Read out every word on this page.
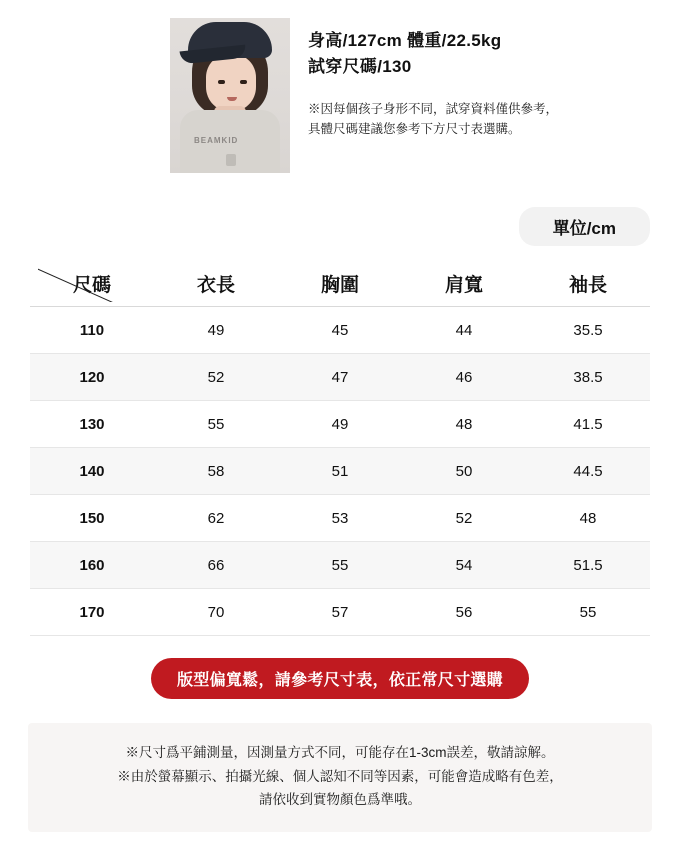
BEAMKID
身高/127cm 體重/22.5kg
試穿尺碼/130
※因每個孩子身形不同，試穿資料僅供參考，
具體尺碼建議您參考下方尺寸表選購。
單位/cm
尺碼	衣長	胸圍	肩寬	袖長
110	49	45	44	35.5
120	52	47	46	38.5
130	55	49	48	41.5
140	58	51	50	44.5
150	62	53	52	48
160	66	55	54	51.5
170	70	57	56	55
版型偏寬鬆，請參考尺寸表，依正常尺寸選購

※尺寸爲平鋪測量，因測量方式不同，可能存在1-3cm誤差，敬請諒解。

※由於螢幕顯示、拍攝光線、個人認知不同等因素，可能會造成略有色差，

請依收到實物顏色爲準哦。
